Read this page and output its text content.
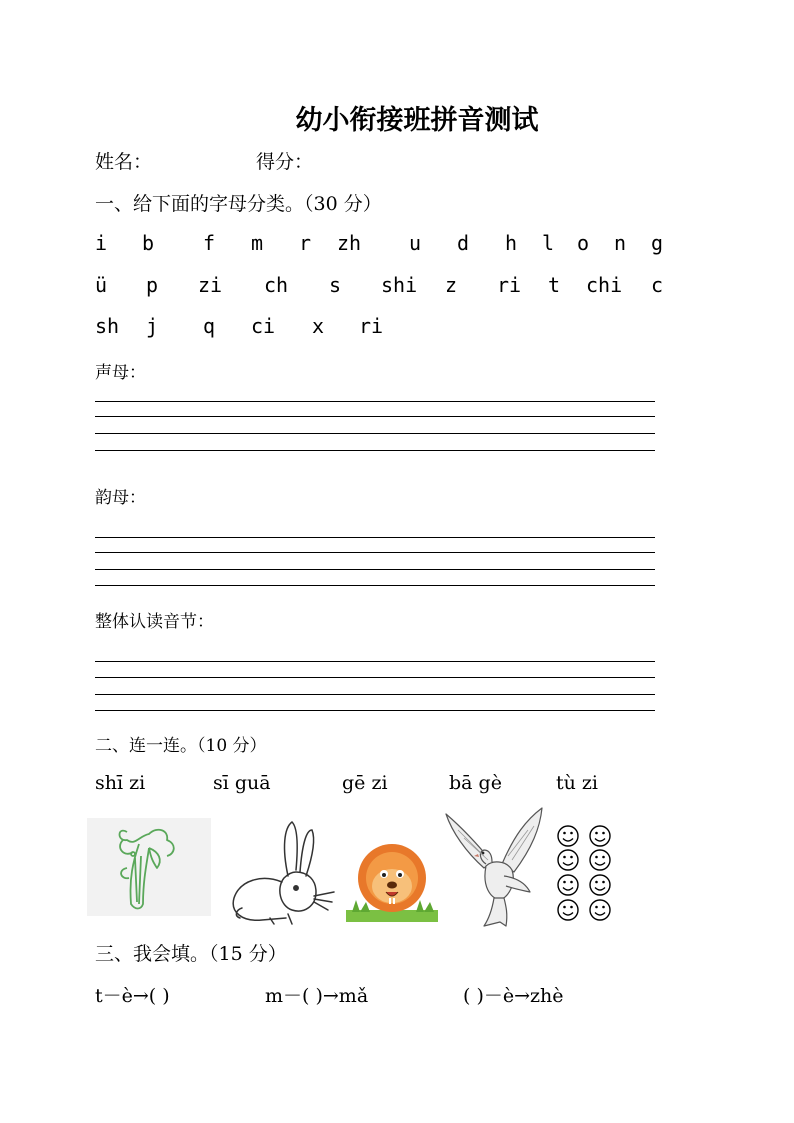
幼小衔接班拼音测试
姓名：	得分：
一、给下面的字母分类。（30 分）
i b f m r zh u d h l o n g
ü p zi ch s shi z ri t chi c
sh j q ci x ri
声母：
韵母：
整体认读音节：
二、连一连。（10 分）
shī zi	sī guā	gē zi	bā gè	tù zi
三、我会填。（15 分）
t－è→( )	m－( )→mǎ	( )－è→zhè
